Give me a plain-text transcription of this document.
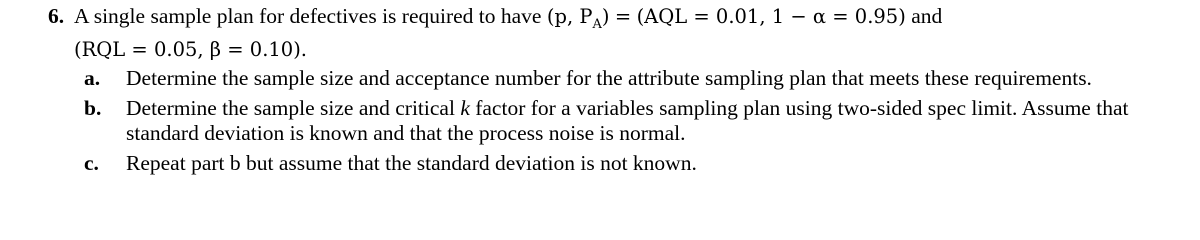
6. A single sample plan for defectives is required to have (p, $P_A) = (AQL = 0.01$, 1 − α = 0.95) and
(RQL = 0.05, β = 0.10).
a. Determine the sample size and acceptance number for the attribute sampling plan that meets these requirements.
b. Determine the sample size and critical k factor for a variables sampling plan using two-sided spec limit. Assume that standard deviation is known and that the process noise is normal.
c. Repeat part b but assume that the standard deviation is not known.
